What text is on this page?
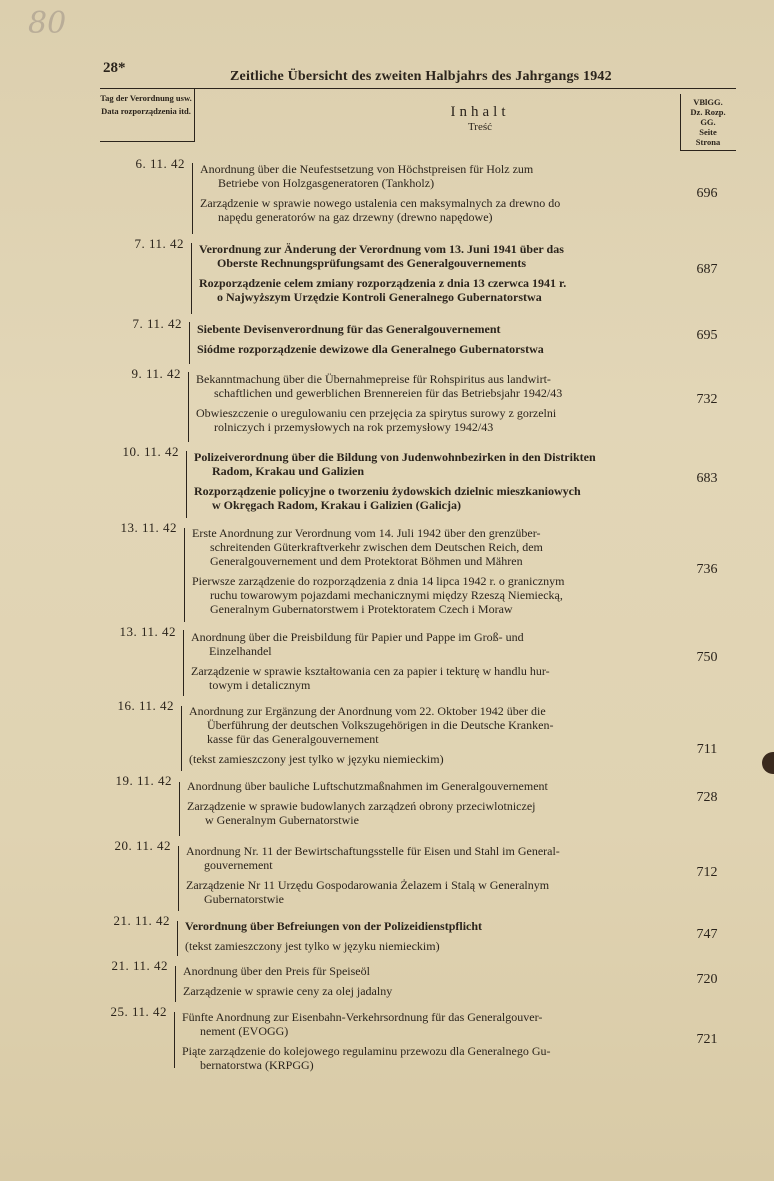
80
28*
Zeitliche Übersicht des zweiten Halbjahrs des Jahrgangs 1942
Tag der Verordnung usw.
Data rozporządzenia itd.	Inhalt
Treść
VBlGG.
Dz. Rozp.
GG.
Seite
Strona
6. 11. 42 Anordnung über die Neufestsetzung von Höchstpreisen für Holz zum
Betriebe von Holzgasgeneratoren (Tankholz)
Zarządzenie w sprawie nowego ustalenia cen maksymalnych za drewno do
napędu generatorów na gaz drzewny (drewno napędowe)
696
7. 11. 42 Verordnung zur Änderung der Verordnung vom 13. Juni 1941 über das
Oberste Rechnungsprüfungsamt des Generalgouvernements
Rozporządzenie celem zmiany rozporządzenia z dnia 13 czerwca 1941 r.
o Najwyższym Urzędzie Kontroli Generalnego Gubernatorstwa
687
7. 11. 42 Siebente Devisenverordnung für das Generalgouvernement
Siódme rozporządzenie dewizowe dla Generalnego Gubernatorstwa
695
9. 11. 42 Bekanntmachung über die Übernahmepreise für Rohspiritus aus landwirt-
schaftlichen und gewerblichen Brennereien für das Betriebsjahr 1942/43
Obwieszczenie o uregulowaniu cen przejęcia za spirytus surowy z gorzelni
rolniczych i przemysłowych na rok przemysłowy 1942/43
732
10. 11. 42 Polizeiverordnung über die Bildung von Judenwohnbezirken in den Distrikten
Radom, Krakau und Galizien
Rozporządzenie policyjne o tworzeniu żydowskich dzielnic mieszkaniowych
w Okręgach Radom, Krakau i Galizien (Galicja)
683
13. 11. 42 Erste Anordnung zur Verordnung vom 14. Juli 1942 über den grenzüber-
schreitenden Güterkraftverkehr zwischen dem Deutschen Reich, dem
Generalgouvernement und dem Protektorat Böhmen und Mähren
Pierwsze zarządzenie do rozporządzenia z dnia 14 lipca 1942 r. o granicznym
ruchu towarowym pojazdami mechanicznymi między Rzeszą Niemiecką,
Generalnym Gubernatorstwem i Protektoratem Czech i Moraw
736
13. 11. 42 Anordnung über die Preisbildung für Papier und Pappe im Groß- und
Einzelhandel
Zarządzenie w sprawie kształtowania cen za papier i tekturę w handlu hur-
towym i detalicznym
750
16. 11. 42 Anordnung zur Ergänzung der Anordnung vom 22. Oktober 1942 über die
Überführung der deutschen Volkszugehörigen in die Deutsche Kranken-
kasse für das Generalgouvernement
(tekst zamieszczony jest tylko w języku niemieckim)
711
19. 11. 42 Anordnung über bauliche Luftschutzmaßnahmen im Generalgouvernement
Zarządzenie w sprawie budowlanych zarządzeń obrony przeciwlotniczej
w Generalnym Gubernatorstwie
728
20. 11. 42 Anordnung Nr. 11 der Bewirtschaftungsstelle für Eisen und Stahl im General-
gouvernement
Zarządzenie Nr 11 Urzędu Gospodarowania Żelazem i Stalą w Generalnym
Gubernatorstwie
712
21. 11. 42 Verordnung über Befreiungen von der Polizeidienstpflicht
(tekst zamieszczony jest tylko w języku niemieckim)
747
21. 11. 42 Anordnung über den Preis für Speiseöl
Zarządzenie w sprawie ceny za olej jadalny
720
25. 11. 42 Fünfte Anordnung zur Eisenbahn-Verkehrsordnung für das Generalgouver-
nement (EVOGG)
Piąte zarządzenie do kolejowego regulaminu przewozu dla Generalnego Gu-
bernatorstwa (KRPGG)
721
